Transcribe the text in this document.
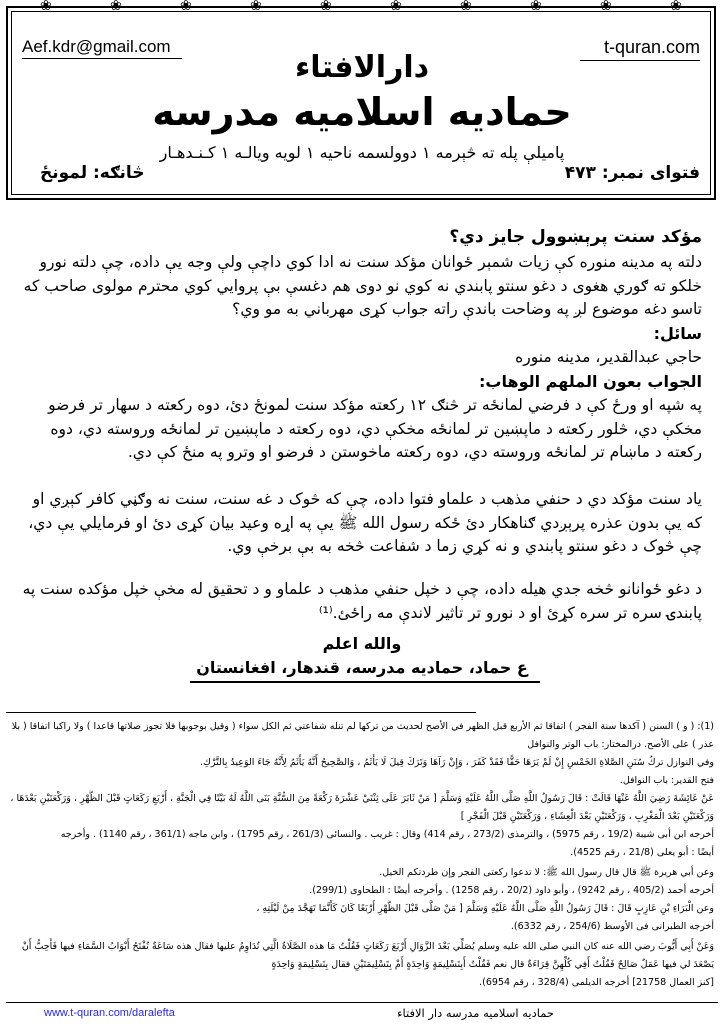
❀	❀	❀	❀	❀	❀	❀	❀	❀	❀
Aef.kdr@gmail.com	t-quran.com
دارالافتاء
حمادیه اسلامیه مدرسه
پاميلې پله ته څېرمه ۱ دوولسمه ناحيه ۱ لويه ويالـه ۱ كـنـدهـار
فتوای نمبر: ۴۷۳
څانګه: لمونځ
مؤکد سنت پرېښوول جايز دي؟
دلته په مدينه منوره کې زيات شمېر ځوانان مؤکد سنت نه ادا کوي داچې ولې وجه يې داده، چې دلته نورو خلکو ته ګوري هغوی د دغو سنتو پابندي نه کوي نو دوی هم دغسې بې پروايي کوي محترم مولوی صاحب که تاسو دغه موضوع لږ په وضاحت باندې راته جواب کړی مهرباني به مو وي؟
سائل:
حاجي عبدالقدير، مدينه منوره
الجواب بعون الملهم الوهاب:
په شپه او ورځ کې د فرضي لمانځه تر څنګ ۱۲ رکعته مؤکد سنت لمونځ دئ، دوه رکعته د سهار تر فرضو مخکې دي، څلور رکعته د ماپښين تر لمانځه مخکې دي، دوه رکعته د ماپښين تر لمانځه وروسته دي، دوه رکعته د ماښام تر لمانځه وروسته دي، دوه رکعته ماخوستن د فرضو او وترو په منځ کې دي.
ياد سنت مؤکد دي د حنفي مذهب د علماو فتوا داده، چې که څوک د غه سنت، سنت نه وګڼي کافر کېږي او که يې بدون عذره پرېږدي ګناهکار دئ ځکه رسول الله ﷺ يې په اړه وعيد بيان کړی دئ او فرمايلي يې دي، چې څوک د دغو سنتو پابندي و نه کړي زما د شفاعت څخه به بې برخې وي.
د دغو ځوانانو څخه جدي هيله داده، چې د خپل حنفي مذهب د علماو و د تحقيق له مخې خپل مؤکده سنت په پابندۍ سره تر سره کړئ او د نورو تر تاثير لاندې مه راځئ.⁽¹⁾
والله اعلم
ع حماد، حماديه مدرسه، قندهار، افغانستان
(1): ( و ) السنن ( آكدها سنة الفجر ) اتفاقا ثم الأربع قبل الظهر في الأصح لحديث من تركها لم تنله شفاعتي ثم الكل سواء ( وقيل بوجوبها فلا تجوز صلاتها قاعدا ) ولا راكبا اتفاقا ( بلا
عذر ) على الأصح. درالمختار: باب الوتر والنوافل
وفي النوازل تركُ سُنَنِ الصَّلاةِ الخَمْسِ إِنْ لَمْ يَرَهَا حَقًّا فَقَدْ كَفَرَ ، وَإِنْ رَآهَا وَتَرَكَ قِيلَ لَا يَأْثَمُ ، وَالصَّحِيحُ أَنَّهُ يَأْثَمُ لِأَنَّهُ جَاءَ الوَعِيدُ بِالتَّرْكِ.
فتح القدير: باب النوافل.
عَنْ عَائِشَةَ رَضِيَ اللَّهُ عَنْهَا قَالَتْ : قَالَ رَسُولُ اللَّهِ صَلَّى اللَّهُ عَلَيْهِ وَسَلَّمَ [ مَنْ ثَابَرَ عَلَى ثِنْتَيْ عَشْرَةَ رَكْعَةً مِنَ السُّنَّةِ بَنَى اللَّهُ لَهُ بَيْتًا فِي الْجَنَّةِ ، أَرْبَعِ رَكَعَاتٍ قَبْلَ الظُّهْرِ ، وَرَكْعَتَيْنِ بَعْدَهَا ،
وَرَكْعَتَيْنِ بَعْدَ الْمَغْرِبِ ، وَرَكْعَتَيْنِ بَعْدَ الْعِشَاءِ ، وَرَكْعَتَيْنِ قَبْلَ الْفَجْرِ ]
أخرجه ابن أبى شيبة (19/2 ، رقم 5975) ، والترمذى (273/2 ، رقم 414) وقال : غريب . والنسائى (261/3 ، رقم 1795) ، وابن ماجه (361/1 ، رقم 1140) . وأخرجه
أيضًا : أبو يعلى (21/8 ، رقم 4525).
وعن أبي هريرة ﷺ قال قال رسول الله ﷺ: لا تدعوا ركعتى الفجر وإن طردتكم الخيل.
أخرجه أحمد (405/2 ، رقم 9242) ، وأبو داود (20/2 ، رقم 1258) . وأخرجه أيضًا : الطحاوى (299/1).
وعن الْبَرَاءِ بْنِ عَازِبٍ قَالَ : قَالَ رَسُولُ اللَّهِ صَلَّى اللَّهُ عَلَيْهِ وَسَلَّمَ [ مَنْ صَلَّى قَبْلَ الظُّهْرِ أَرْبَعًا كَانَ كَأَنَّمَا تَهَجَّدَ مِنْ لَيْلَتِهِ ،
أخرجه الطبرانى فى الأوسط (254/6 ، رقم 6332).
وَعَنْ أَبِي أَيُّوبَ رضي الله عنه كان النبي صلى الله عليه وسلم يُصَلِّي بَعْدَ الزَّوَالِ أَرْبَعَ رَكَعَاتٍ فَقُلْتُ مَا هذه الصَّلَاةُ الَّتِي تُدَاوِمُ عليها فقال هذه سَاعَةٌ تُفْتَحُ أَبْوَابُ السَّمَاءِ فيها فَأُحِبُّ أَنْ
يَصْعَدَ لي فيها عَمَلٌ صَالِحٌ فَقُلْتُ أَفِي كُلِّهِنَّ قِرَاءَةٌ قال نعم فَقُلْتُ أَبِتَسْلِيمَةٍ وَاحِدَةٍ أَمْ بِتَسْلِيمَتَيْنِ فقال بِتَسْلِيمَةٍ وَاحِدَةٍ
[كنز العمال 21758] أخرجه الديلمى (328/4 ، رقم 6954).
www.t-quran.com/daralefta	حمادیه اسلامیه مدرسه دار الافتاء
